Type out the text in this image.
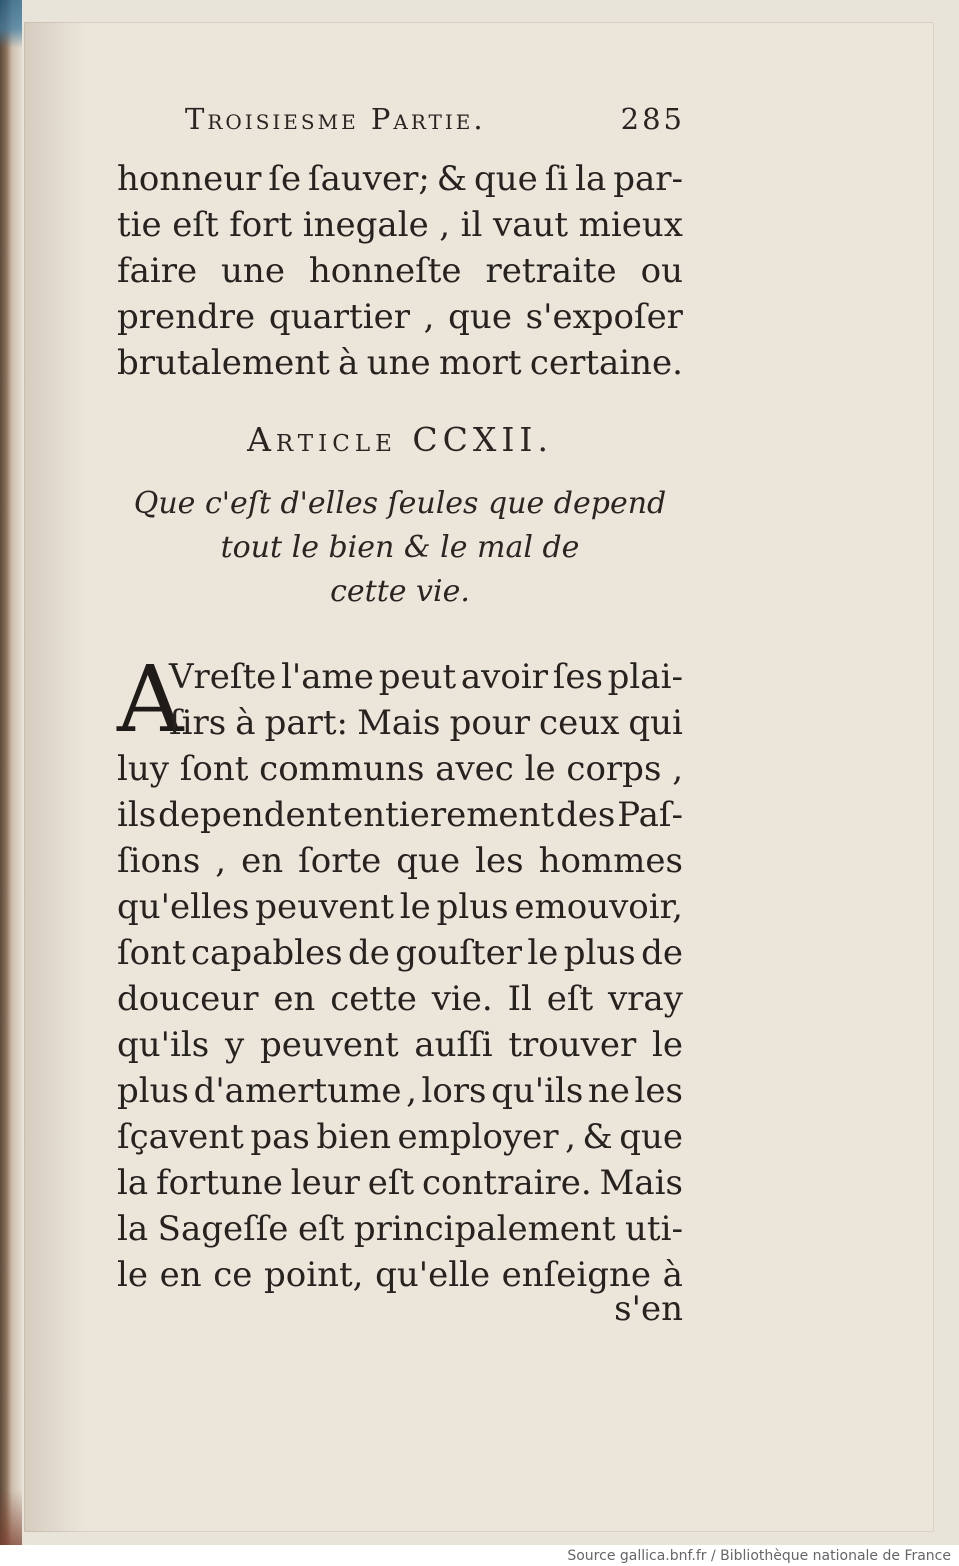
Troisiesme Partie.	285
honneur ſe ſauver; & que ſi la par-
tie eſt fort inegale , il vaut mieux
faire une honneſte retraite ou
prendre quartier , que s'expoſer
brutalement à une mort certaine.
Article CCXII.
Que c'eſt d'elles ſeules que depend
tout le bien & le mal de
cette vie.
A
Vreſte l'ame peut avoir ſes plai-
ſirs à part: Mais pour ceux qui
luy ſont communs avec le corps ,
ils dependent entierement des Paſ-
ſions , en ſorte que les hommes
qu'elles peuvent le plus emouvoir,
ſont capables de gouſter le plus de
douceur en cette vie. Il eſt vray
qu'ils y peuvent auſſi trouver le
plus d'amertume , lors qu'ils ne les
ſçavent pas bien employer , & que
la fortune leur eſt contraire. Mais
la Sageſſe eſt principalement uti-
le en ce point, qu'elle enſeigne à
s'en
Source gallica.bnf.fr / Bibliothèque nationale de France
